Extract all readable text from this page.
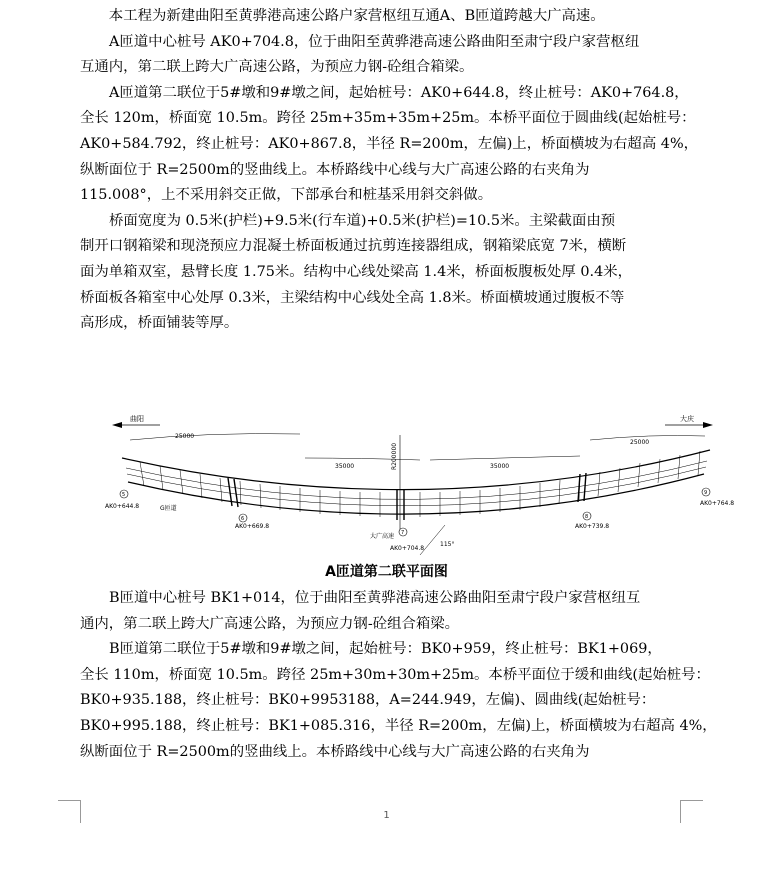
本工程为新建曲阳至黄骅港高速公路户家营枢纽互通A、B匝道跨越大广高速。

A匝道中心桩号 AK0+704.8，位于曲阳至黄骅港高速公路曲阳至肃宁段户家营枢纽
互通内，第二联上跨大广高速公路，为预应力钢-砼组合箱梁。

A匝道第二联位于5#墩和9#墩之间，起始桩号：AK0+644.8，终止桩号：AK0+764.8，
全长 120m，桥面宽 10.5m。跨径 25m+35m+35m+25m。本桥平面位于圆曲线(起始桩号：
AK0+584.792，终止桩号：AK0+867.8，半径 R=200m，左偏)上，桥面横坡为右超高 4%，
纵断面位于 R=2500m的竖曲线上。本桥路线中心线与大广高速公路的右夹角为
115.008°，上不采用斜交正做，下部承台和桩基采用斜交斜做。

桥面宽度为 0.5米(护栏)+9.5米(行车道)+0.5米(护栏)=10.5米。主梁截面由预
制开口钢箱梁和现浇预应力混凝土桥面板通过抗剪连接器组成，钢箱梁底宽 7米，横断
面为单箱双室，悬臂长度 1.75米。结构中心线处梁高 1.4米，桥面板腹板处厚 0.4米，
桥面板各箱室中心处厚 0.3米，主梁结构中心线处全高 1.8米。桥面横坡通过腹板不等
高形成，桥面铺装等厚。

曲阳	大庆
25000
35000	35000
25000
R200000
5
6
7
8
9
AK0+644.8
AK0+669.8
AK0+704.8
AK0+739.8
AK0+764.8
G匝道
大广高速
115°
A匝道第二联平面图

B匝道中心桩号 BK1+014，位于曲阳至黄骅港高速公路曲阳至肃宁段户家营枢纽互
通内，第二联上跨大广高速公路，为预应力钢-砼组合箱梁。

B匝道第二联位于5#墩和9#墩之间，起始桩号：BK0+959，终止桩号：BK1+069，
全长 110m，桥面宽 10.5m。跨径 25m+30m+30m+25m。本桥平面位于缓和曲线(起始桩号：
BK0+935.188，终止桩号：BK0+9953188，A=244.949，左偏)、圆曲线(起始桩号：
BK0+995.188，终止桩号：BK1+085.316，半径 R=200m，左偏)上，桥面横坡为右超高 4%，
纵断面位于 R=2500m的竖曲线上。本桥路线中心线与大广高速公路的右夹角为

1
